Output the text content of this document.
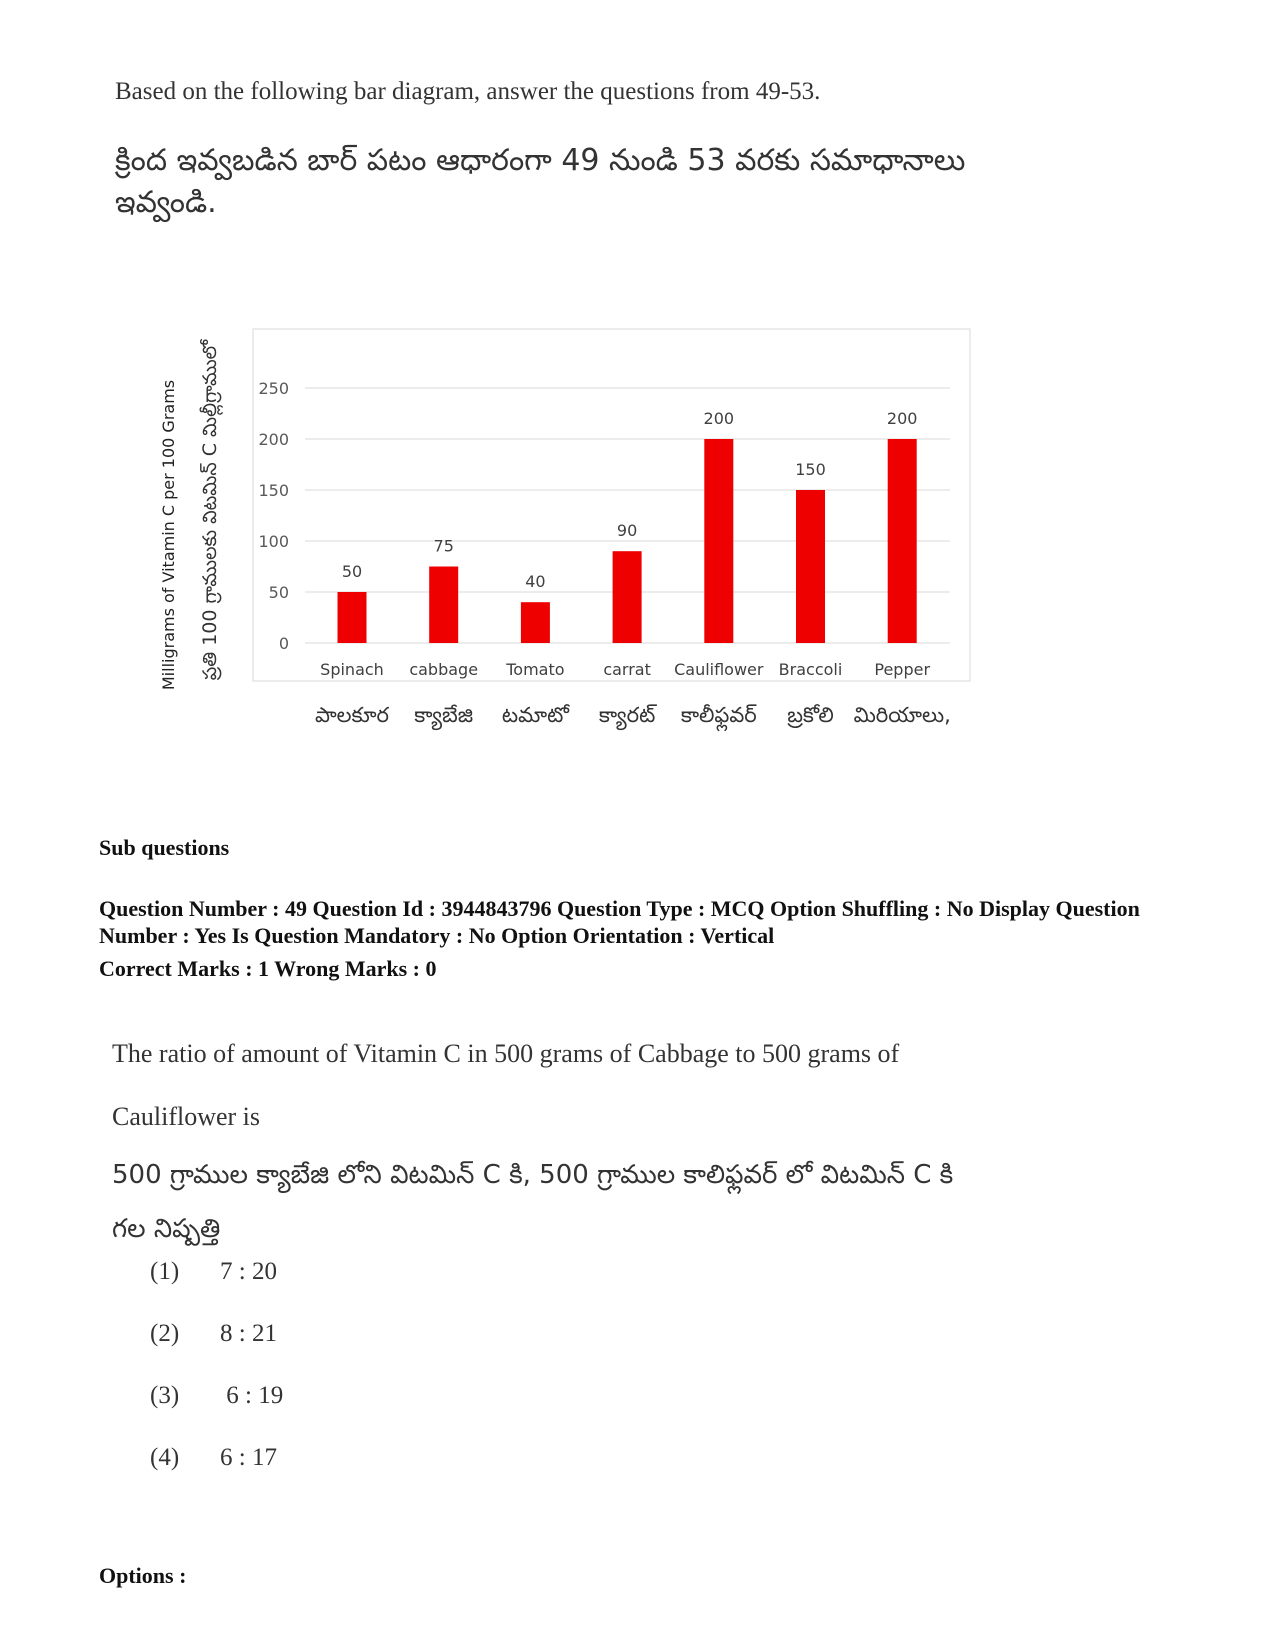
Based on the following bar diagram, answer the questions from 49-53.
క్రింద ఇవ్వబడిన బార్ పటం ఆధారంగా 49 నుండి 53 వరకు సమాధానాలు ఇవ్వండి.
0
50
100
150
200
250
50
Spinach
పాలకూర
75
cabbage
క్యాబేజి
40
Tomato
టమాటో
90
carrat
క్యారట్
200
Cauliflower
కాలీఫ్లవర్
150
Braccoli
బ్రకోలి
200
Pepper
మిరియాలు,
Milligrams of Vitamin C per 100 Grams ప్రతి 100 గ్రాములకు విటమిన్ C మిల్లీగ్రాములో
Sub questions
Question Number : 49 Question Id : 3944843796 Question Type : MCQ Option Shuffling : No Display Question Number : Yes Is Question Mandatory : No Option Orientation : Vertical
Correct Marks : 1 Wrong Marks : 0
The ratio of amount of Vitamin C in 500 grams of Cabbage to 500 grams of
Cauliflower is
500 గ్రాముల క్యాబేజి లోని విటమిన్ C కి, 500 గ్రాముల కాలిఫ్లవర్ లో విటమిన్ C కి
గల నిష్పత్తి
(1)	7 : 20
(2)	8 : 21
(3)	6 : 19
(4)	6 : 17
Options :
